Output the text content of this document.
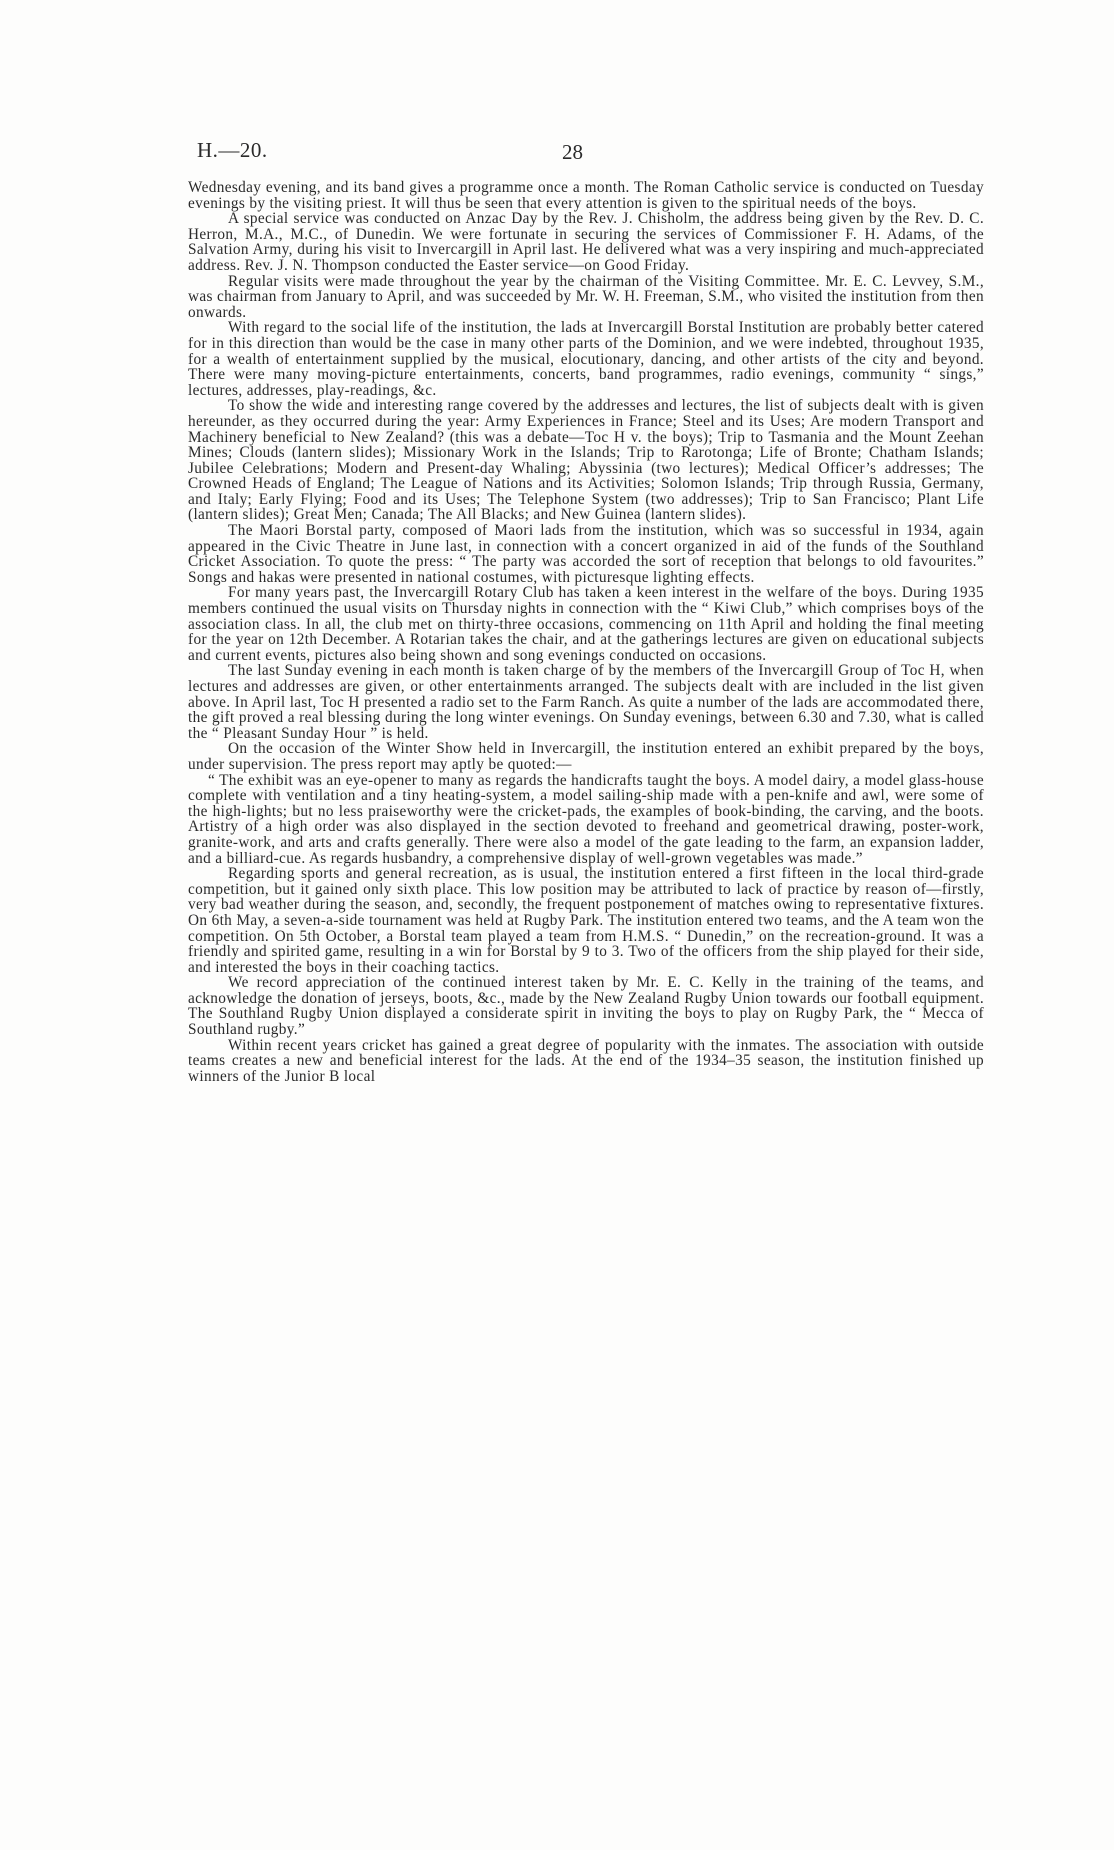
H.—20.	28

Wednesday evening, and its band gives a programme once a month. The Roman Catholic service is conducted on Tuesday evenings by the visiting priest. It will thus be seen that every attention is given to the spiritual needs of the boys.

A special service was conducted on Anzac Day by the Rev. J. Chisholm, the address being given by the Rev. D. C. Herron, M.A., M.C., of Dunedin. We were fortunate in securing the services of Commissioner F. H. Adams, of the Salvation Army, during his visit to Invercargill in April last. He delivered what was a very inspiring and much-appreciated address. Rev. J. N. Thompson conducted the Easter service—on Good Friday.

Regular visits were made throughout the year by the chairman of the Visiting Committee. Mr. E. C. Levvey, S.M., was chairman from January to April, and was succeeded by Mr. W. H. Freeman, S.M., who visited the institution from then onwards.

With regard to the social life of the institution, the lads at Invercargill Borstal Institution are probably better catered for in this direction than would be the case in many other parts of the Dominion, and we were indebted, throughout 1935, for a wealth of entertainment supplied by the musical, elocutionary, dancing, and other artists of the city and beyond. There were many moving-picture entertainments, concerts, band programmes, radio evenings, community “ sings,” lectures, addresses, play-readings, &c.

To show the wide and interesting range covered by the addresses and lectures, the list of subjects dealt with is given hereunder, as they occurred during the year: Army Experiences in France; Steel and its Uses; Are modern Transport and Machinery beneficial to New Zealand? (this was a debate—Toc H v. the boys); Trip to Tasmania and the Mount Zeehan Mines; Clouds (lantern slides); Missionary Work in the Islands; Trip to Rarotonga; Life of Bronte; Chatham Islands; Jubilee Celebrations; Modern and Present-day Whaling; Abyssinia (two lectures); Medical Officer’s addresses; The Crowned Heads of England; The League of Nations and its Activities; Solomon Islands; Trip through Russia, Germany, and Italy; Early Flying; Food and its Uses; The Telephone System (two addresses); Trip to San Francisco; Plant Life (lantern slides); Great Men; Canada; The All Blacks; and New Guinea (lantern slides).

The Maori Borstal party, composed of Maori lads from the institution, which was so successful in 1934, again appeared in the Civic Theatre in June last, in connection with a concert organized in aid of the funds of the Southland Cricket Association. To quote the press: “ The party was accorded the sort of reception that belongs to old favourites.” Songs and hakas were presented in national costumes, with picturesque lighting effects.

For many years past, the Invercargill Rotary Club has taken a keen interest in the welfare of the boys. During 1935 members continued the usual visits on Thursday nights in connection with the “ Kiwi Club,” which comprises boys of the association class. In all, the club met on thirty-three occasions, commencing on 11th April and holding the final meeting for the year on 12th December. A Rotarian takes the chair, and at the gatherings lectures are given on educational subjects and current events, pictures also being shown and song evenings conducted on occasions.

The last Sunday evening in each month is taken charge of by the members of the Invercargill Group of Toc H, when lectures and addresses are given, or other entertainments arranged. The subjects dealt with are included in the list given above. In April last, Toc H presented a radio set to the Farm Ranch. As quite a number of the lads are accommodated there, the gift proved a real blessing during the long winter evenings. On Sunday evenings, between 6.30 and 7.30, what is called the “ Pleasant Sunday Hour ” is held.

On the occasion of the Winter Show held in Invercargill, the institution entered an exhibit prepared by the boys, under supervision. The press report may aptly be quoted:—

“ The exhibit was an eye-opener to many as regards the handicrafts taught the boys. A model dairy, a model glass-house complete with ventilation and a tiny heating-system, a model sailing-ship made with a pen-knife and awl, were some of the high-lights; but no less praiseworthy were the cricket-pads, the examples of book-binding, the carving, and the boots. Artistry of a high order was also displayed in the section devoted to freehand and geometrical drawing, poster-work, granite-work, and arts and crafts generally. There were also a model of the gate leading to the farm, an expansion ladder, and a billiard-cue. As regards husbandry, a comprehensive display of well-grown vegetables was made.”

Regarding sports and general recreation, as is usual, the institution entered a first fifteen in the local third-grade competition, but it gained only sixth place. This low position may be attributed to lack of practice by reason of—firstly, very bad weather during the season, and, secondly, the frequent postponement of matches owing to representative fixtures. On 6th May, a seven-a-side tournament was held at Rugby Park. The institution entered two teams, and the A team won the competition. On 5th October, a Borstal team played a team from H.M.S. “ Dunedin,” on the recreation-ground. It was a friendly and spirited game, resulting in a win for Borstal by 9 to 3. Two of the officers from the ship played for their side, and interested the boys in their coaching tactics.

We record appreciation of the continued interest taken by Mr. E. C. Kelly in the training of the teams, and acknowledge the donation of jerseys, boots, &c., made by the New Zealand Rugby Union towards our football equipment. The Southland Rugby Union displayed a considerate spirit in inviting the boys to play on Rugby Park, the “ Mecca of Southland rugby.”

Within recent years cricket has gained a great degree of popularity with the inmates. The association with outside teams creates a new and beneficial interest for the lads. At the end of the 1934–35 season, the institution finished up winners of the Junior B local
